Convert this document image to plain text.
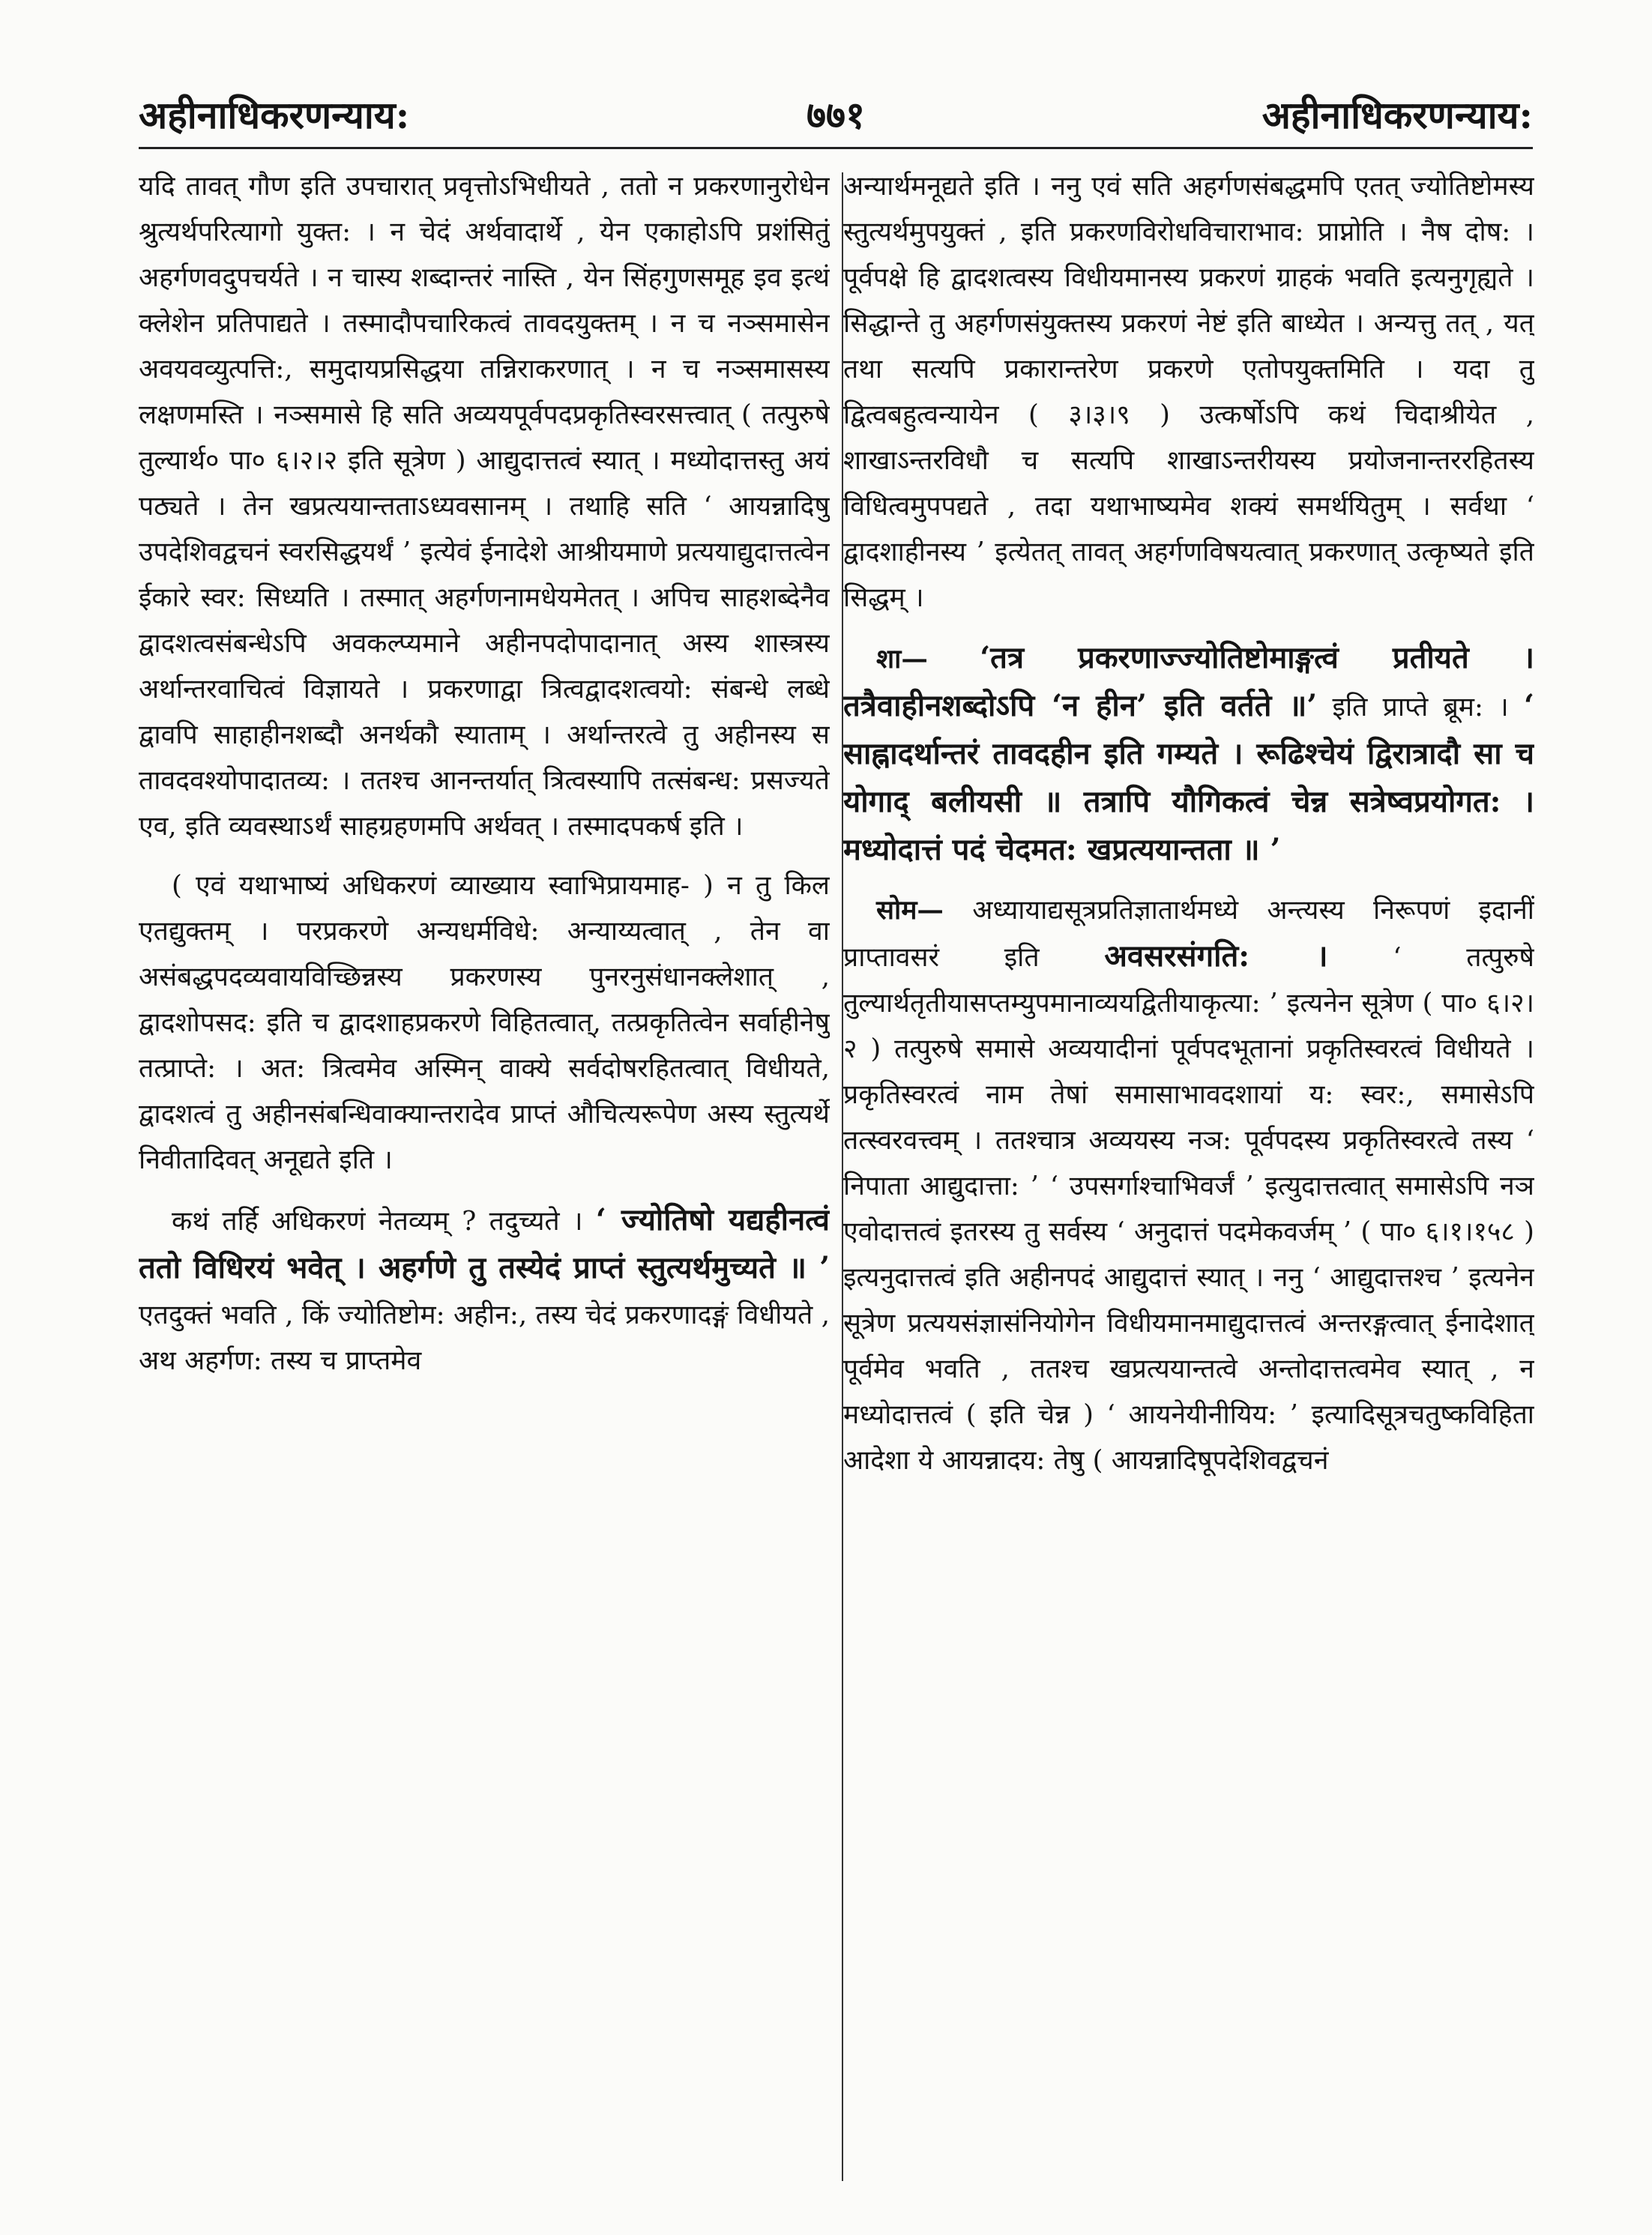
अहीनाधिकरणन्याय:	७७१	अहीनाधिकरणन्याय:

यदि तावत् गौण इति उपचारात् प्रवृत्तोऽभिधीयते , ततो न प्रकरणानुरोधेन श्रुत्यर्थपरित्यागो युक्त: । न चेदं अर्थवादार्थे , येन एकाहोऽपि प्रशंसितुं अहर्गणवदुपचर्यते । न चास्य शब्दान्तरं नास्ति , येन सिंहगुणसमूह इव इत्थं क्लेशेन प्रतिपाद्यते । तस्मादौपचारिकत्वं तावदयुक्तम् । न च नञ्समासेन अवयवव्युत्पत्ति:, समुदायप्रसिद्धया तन्निराकरणात् । न च नञ्समासस्य लक्षणमस्ति । नञ्समासे हि सति अव्ययपूर्वपदप्रकृतिस्वरसत्त्वात् ( तत्पुरुषे तुल्यार्थ० पा० ६।२।२ इति सूत्रेण ) आद्युदात्तत्वं स्यात् । मध्योदात्तस्तु अयं पठ्यते । तेन खप्रत्ययान्तताऽध्यवसानम् । तथाहि सति ‘ आयन्नादिषु उपदेशिवद्वचनं स्वरसिद्धयर्थं ’ इत्येवं ईनादेशे आश्रीयमाणे प्रत्ययाद्युदात्तत्वेन ईकारे स्वर: सिध्यति । तस्मात् अहर्गणनामधेयमेतत् । अपिच साहशब्देनैव द्वादशत्वसंबन्धेऽपि अवकल्प्यमाने अहीनपदोपादानात् अस्य शास्त्रस्य अर्थान्तरवाचित्वं विज्ञायते । प्रकरणाद्वा त्रित्वद्वादशत्वयो: संबन्धे लब्धे द्वावपि साहाहीनशब्दौ अनर्थकौ स्याताम् । अर्थान्तरत्वे तु अहीनस्य स तावदवश्योपादातव्य: । ततश्च आनन्तर्यात् त्रित्वस्यापि तत्संबन्ध: प्रसज्यते एव, इति व्यवस्थाऽर्थं साहग्रहणमपि अर्थवत् । तस्मादपकर्ष इति ।

( एवं यथाभाष्यं अधिकरणं व्याख्याय स्वाभिप्रायमाह- ) न तु किल एतद्युक्तम् । परप्रकरणे अन्यधर्मविधे: अन्याय्यत्वात् , तेन वा असंबद्धपदव्यवायविच्छिन्नस्य प्रकरणस्य पुनरनुसंधानक्लेशात् , द्वादशोपसद: इति च द्वादशाहप्रकरणे विहितत्वात्, तत्प्रकृतित्वेन सर्वाहीनेषु तत्प्राप्ते: । अत: त्रित्वमेव अस्मिन् वाक्ये सर्वदोषरहितत्वात् विधीयते, द्वादशत्वं तु अहीनसंबन्धिवाक्यान्तरादेव प्राप्तं औचित्यरूपेण अस्य स्तुत्यर्थे निवीतादिवत् अनूद्यते इति ।

कथं तर्हि अधिकरणं नेतव्यम् ? तदुच्यते । ‘ ज्योतिषो यद्यहीनत्वं ततो विधिरयं भवेत् । अहर्गणे तु तस्येदं प्राप्तं स्तुत्यर्थमुच्यते ॥ ’ एतदुक्तं भवति , किं ज्योतिष्टोम: अहीन:, तस्य चेदं प्रकरणादङ्गं विधीयते , अथ अहर्गण: तस्य च प्राप्तमेव

अन्यार्थमनूद्यते इति । ननु एवं सति अहर्गणसंबद्धमपि एतत् ज्योतिष्टोमस्य स्तुत्यर्थमुपयुक्तं , इति प्रकरणविरोधविचाराभाव: प्राप्नोति । नैष दोष: । पूर्वपक्षे हि द्वादशत्वस्य विधीयमानस्य प्रकरणं ग्राहकं भवति इत्यनुगृह्यते । सिद्धान्ते तु अहर्गणसंयुक्तस्य प्रकरणं नेष्टं इति बाध्येत । अन्यत्तु तत् , यत् तथा सत्यपि प्रकारान्तरेण प्रकरणे एतोपयुक्तमिति । यदा तु द्वित्वबहुत्वन्यायेन ( ३।३।९ ) उत्कर्षोऽपि कथं चिदाश्रीयेत , शाखाऽन्तरविधौ च सत्यपि शाखाऽन्तरीयस्य प्रयोजनान्तररहितस्य विधित्वमुपपद्यते , तदा यथाभाष्यमेव शक्यं समर्थयितुम् । सर्वथा ‘ द्वादशाहीनस्य ’ इत्येतत् तावत् अहर्गणविषयत्वात् प्रकरणात् उत्कृष्यते इति सिद्धम् ।

शा— ‘तत्र प्रकरणाज्ज्योतिष्टोमाङ्गत्वं प्रतीयते । तत्रैवाहीनशब्दोऽपि ‘न हीन’ इति वर्तते ॥’ इति प्राप्ते ब्रूम: । ‘ साह्नादर्थान्तरं तावदहीन इति गम्यते । रूढिश्चेयं द्विरात्रादौ सा च योगाद् बलीयसी ॥ तत्रापि यौगिकत्वं चेन्न सत्रेष्वप्रयोगत: । मध्योदात्तं पदं चेदमत: खप्रत्ययान्तता ॥ ’

सोम— अध्यायाद्यसूत्रप्रतिज्ञातार्थमध्ये अन्त्यस्य निरूपणं इदानीं प्राप्तावसरं इति अवसरसंगति: । ‘ तत्पुरुषे तुल्यार्थतृतीयासप्तम्युपमानाव्ययद्वितीयाकृत्या: ’ इत्यनेन सूत्रेण ( पा० ६।२।२ ) तत्पुरुषे समासे अव्ययादीनां पूर्वपदभूतानां प्रकृतिस्वरत्वं विधीयते । प्रकृतिस्वरत्वं नाम तेषां समासाभावदशायां य: स्वर:, समासेऽपि तत्स्वरवत्त्वम् । ततश्चात्र अव्ययस्य नञ: पूर्वपदस्य प्रकृतिस्वरत्वे तस्य ‘ निपाता आद्युदात्ता: ’ ‘ उपसर्गाश्चाभिवर्जं ’ इत्युदात्तत्वात् समासेऽपि नञ एवोदात्तत्वं इतरस्य तु सर्वस्य ‘ अनुदात्तं पदमेकवर्जम् ’ ( पा० ६।१।१५८ ) इत्यनुदात्तत्वं इति अहीनपदं आद्युदात्तं स्यात् । ननु ‘ आद्युदात्तश्च ’ इत्यनेन सूत्रेण प्रत्ययसंज्ञासंनियोगेन विधीयमानमाद्युदात्तत्वं अन्तरङ्गत्वात् ईनादेशात् पूर्वमेव भवति , ततश्च खप्रत्ययान्तत्वे अन्तोदात्तत्वमेव स्यात् , न मध्योदात्तत्वं ( इति चेन्न ) ‘ आयनेयीनीयिय: ’ इत्यादिसूत्रचतुष्कविहिता आदेशा ये आयन्नादय: तेषु ( आयन्नादिषूपदेशिवद्वचनं
